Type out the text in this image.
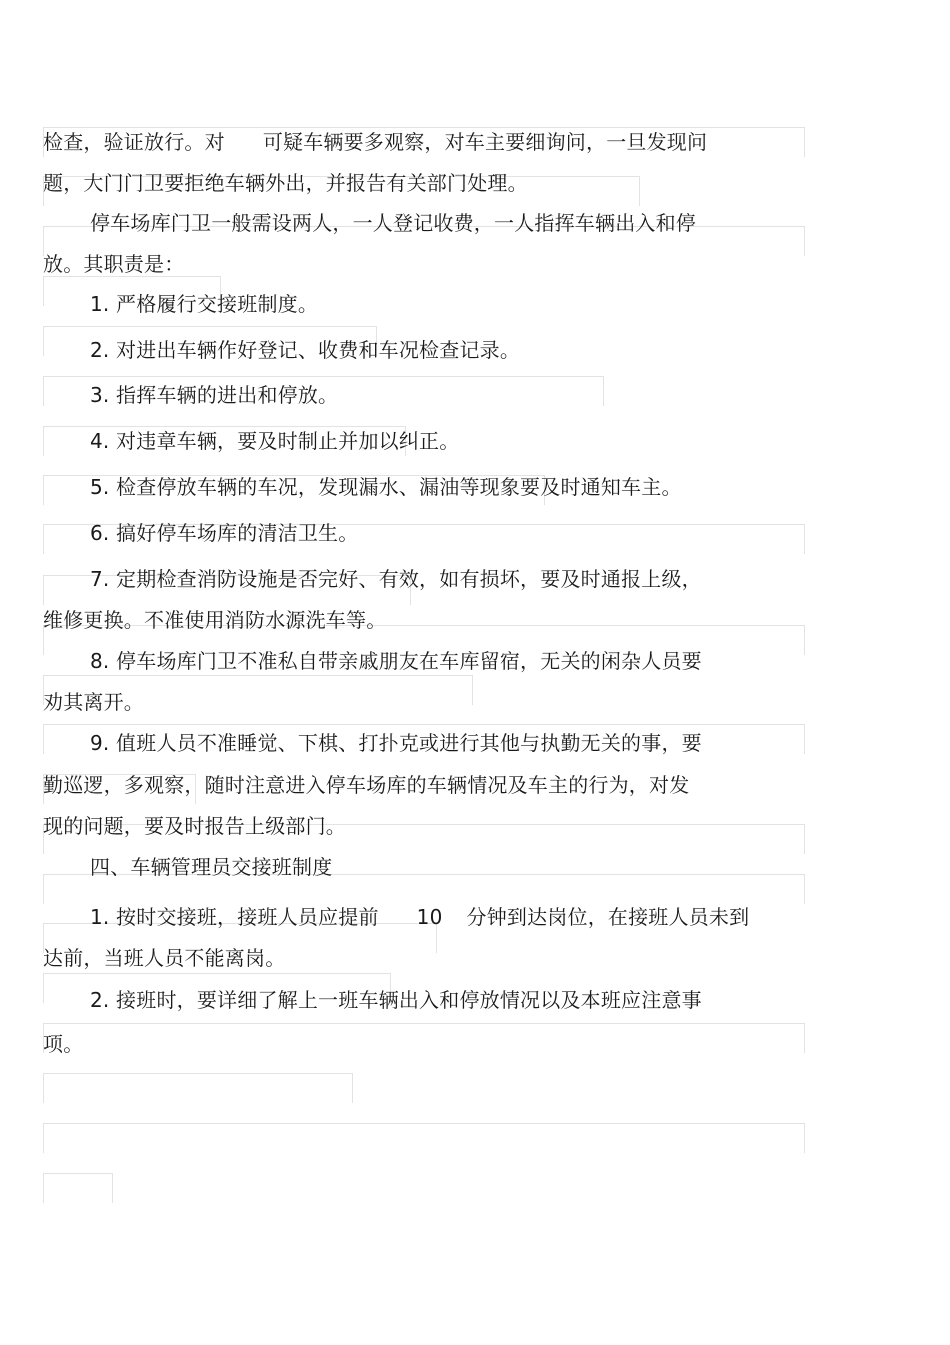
检查，验证放行。对 可疑车辆要多观察，对车主要细询问，一旦发现问
题，大门门卫要拒绝车辆外出，并报告有关部门处理。
停车场库门卫一般需设两人，一人登记收费，一人指挥车辆出入和停
放。其职责是：
1. 严格履行交接班制度。
2. 对进出车辆作好登记、收费和车况检查记录。
3. 指挥车辆的进出和停放。
4. 对违章车辆，要及时制止并加以纠正。
5. 检查停放车辆的车况，发现漏水、漏油等现象要及时通知车主。
6. 搞好停车场库的清洁卫生。
7. 定期检查消防设施是否完好、有效，如有损坏，要及时通报上级，
维修更换。不准使用消防水源洗车等。
8. 停车场库门卫不准私自带亲戚朋友在车库留宿，无关的闲杂人员要
劝其离开。
9. 值班人员不准睡觉、下棋、打扑克或进行其他与执勤无关的事，要
勤巡逻，多观察，随时注意进入停车场库的车辆情况及车主的行为，对发
现的问题，要及时报告上级部门。
四、车辆管理员交接班制度
1. 按时交接班，接班人员应提前 10 分钟到达岗位，在接班人员未到
达前，当班人员不能离岗。
2. 接班时，要详细了解上一班车辆出入和停放情况以及本班应注意事
项。
